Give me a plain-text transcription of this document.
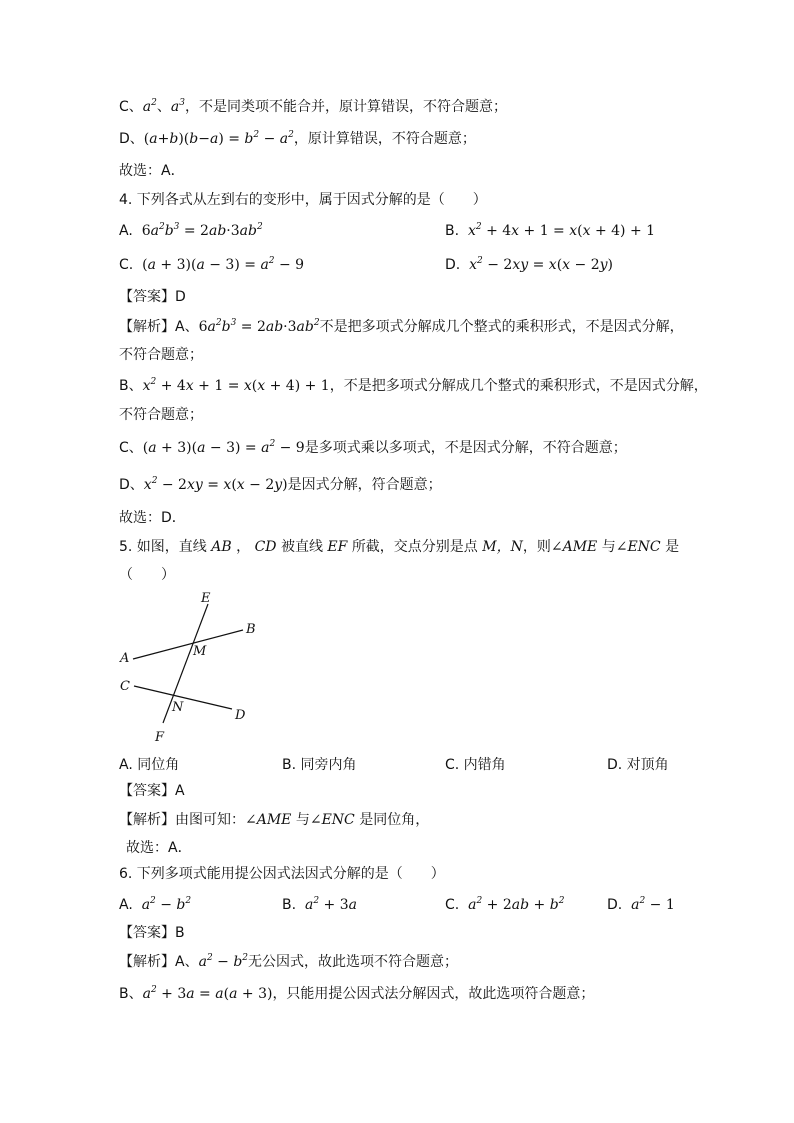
C、$a^2$、$a^3$，不是同类项不能合并，原计算错误，不符合题意；
D、$(a+b)(b-a) = b^2 - a^2$，原计算错误，不符合题意；
故选：A．
4. 下列各式从左到右的变形中，属于因式分解的是（　　）
A. $6a^2b^3 = 2ab\cdot 3ab^2$	B. $x^2 + 4x + 1 = x(x + 4) + 1$
C. $(a + 3)(a - 3) = a^2 - 9$	D. $x^2 - 2xy = x(x - 2y)$
【答案】D
【解析】A、$6a^2b^3 = 2ab\cdot 3ab^2$不是把多项式分解成几个整式的乘积形式，不是因式分解，
不符合题意；
B、$x^2 + 4x + 1 = x(x + 4) + 1$，不是把多项式分解成几个整式的乘积形式，不是因式分解，
不符合题意；
C、$(a + 3)(a - 3) = a^2 - 9$是多项式乘以多项式，不是因式分解，不符合题意；
D、$x^2 - 2xy = x(x - 2y)$是因式分解，符合题意；
故选：D．
5. 如图，直线 AB ， CD 被直线 EF 所截，交点分别是点 M，N，则∠AME 与∠ENC 是
（　　）
E
B
A	M
C
N
D
F
A. 同位角	B. 同旁内角	C. 内错角	D. 对顶角
【答案】A
【解析】由图可知：∠AME 与∠ENC 是同位角，
故选：A．
6. 下列多项式能用提公因式法因式分解的是（　　）
A. $a^2 - b^2$	B. $a^2 + 3a$	C. $a^2 + 2ab + b^2$	D. $a^2 - 1$
【答案】B
【解析】A、$a^2 - b^2$无公因式，故此选项不符合题意；
B、$a^2 + 3a = a(a + 3)$，只能用提公因式法分解因式，故此选项符合题意；
